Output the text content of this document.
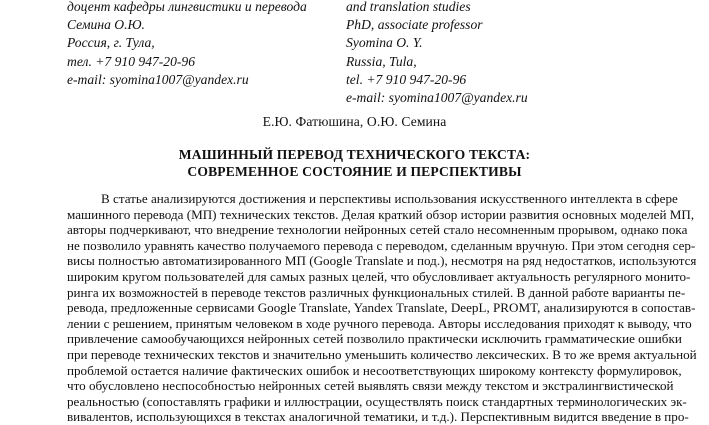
доцент кафедры лингвистики и перевода
Семина О.Ю.
Россия, г. Тула,
тел. +7 910 947-20-96
e-mail: syomina1007@yandex.ru
and translation studies
PhD, associate professor
Syomina O. Y.
Russia, Tula,
tel. +7 910 947-20-96
e-mail: syomina1007@yandex.ru
Е.Ю. Фатюшина, О.Ю. Семина
МАШИННЫЙ ПЕРЕВОД ТЕХНИЧЕСКОГО ТЕКСТА:
СОВРЕМЕННОЕ СОСТОЯНИЕ И ПЕРСПЕКТИВЫ
В статье анализируются достижения и перспективы использования искусственного интеллекта в сфере
машинного перевода (МП) технических текстов. Делая краткий обзор истории развития основных моделей МП,
авторы подчеркивают, что внедрение технологии нейронных сетей стало несомненным прорывом, однако пока
не позволило уравнять качество получаемого перевода с переводом, сделанным вручную. При этом сегодня сер-
висы полностью автоматизированного МП (Google Translate и под.), несмотря на ряд недостатков, используются
широким кругом пользователей для самых разных целей, что обусловливает актуальность регулярного монито-
ринга их возможностей в переводе текстов различных функциональных стилей. В данной работе варианты пе-
ревода, предложенные сервисами Google Translate, Yandex Translate, DeepL, PROMT, анализируются в сопостав-
лении с решением, принятым человеком в ходе ручного перевода. Авторы исследования приходят к выводу, что
привлечение самообучающихся нейронных сетей позволило практически исключить грамматические ошибки
при переводе технических текстов и значительно уменьшить количество лексических. В то же время актуальной
проблемой остается наличие фактических ошибок и несоответствующих широкому контексту формулировок,
что обусловлено неспособностью нейронных сетей выявлять связи между текстом и экстралингвистической
реальностью (сопоставлять графики и иллюстрации, осуществлять поиск стандартных терминологических эк-
вивалентов, использующихся в текстах аналогичной тематики, и т.д.). Перспективным видится введение в про-
